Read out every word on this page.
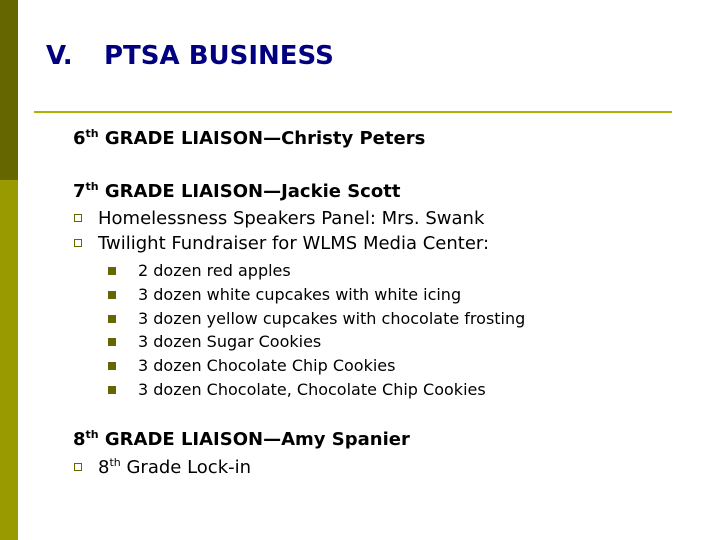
V. PTSA BUSINESS
6th GRADE LIAISON—Christy Peters
7th GRADE LIAISON—Jackie Scott
Homelessness Speakers Panel: Mrs. Swank
Twilight Fundraiser for WLMS Media Center:
2 dozen red apples
3 dozen white cupcakes with white icing
3 dozen yellow cupcakes with chocolate frosting
3 dozen Sugar Cookies
3 dozen Chocolate Chip Cookies
3 dozen Chocolate, Chocolate Chip Cookies
8th GRADE LIAISON—Amy Spanier
8th Grade Lock-in
